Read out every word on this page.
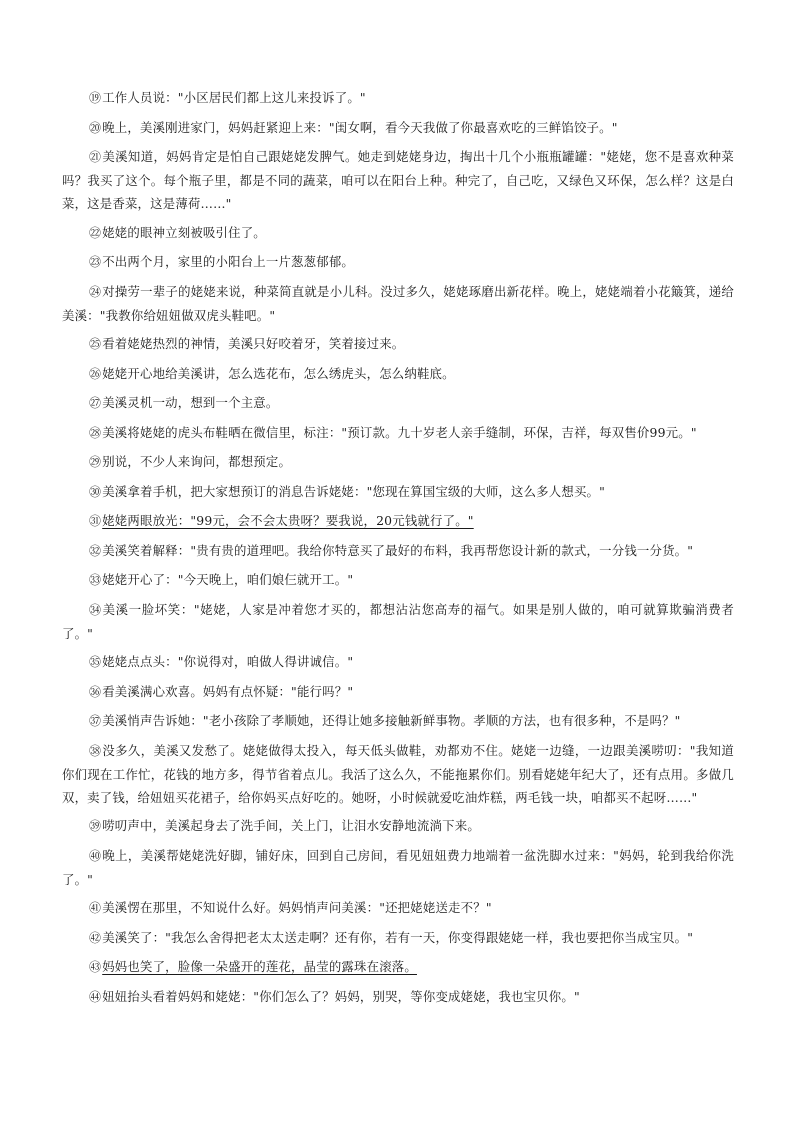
⑲工作人员说："小区居民们都上这儿来投诉了。"

⑳晚上，美溪刚进家门，妈妈赶紧迎上来："闺女啊，看今天我做了你最喜欢吃的三鲜馅饺子。"

㉑美溪知道，妈妈肯定是怕自己跟姥姥发脾气。她走到姥姥身边，掏出十几个小瓶瓶罐罐："姥姥，您不是喜欢种菜吗？我买了这个。每个瓶子里，都是不同的蔬菜，咱可以在阳台上种。种完了，自己吃，又绿色又环保，怎么样？这是白菜，这是香菜，这是薄荷……"

㉒姥姥的眼神立刻被吸引住了。

㉓不出两个月，家里的小阳台上一片葱葱郁郁。

㉔对操劳一辈子的姥姥来说，种菜简直就是小儿科。没过多久，姥姥琢磨出新花样。晚上，姥姥端着小花簸箕，递给美溪："我教你给妞妞做双虎头鞋吧。"

㉕看着姥姥热烈的神情，美溪只好咬着牙，笑着接过来。

㉖姥姥开心地给美溪讲，怎么选花布，怎么绣虎头，怎么纳鞋底。

㉗美溪灵机一动，想到一个主意。

㉘美溪将姥姥的虎头布鞋晒在微信里，标注："预订款。九十岁老人亲手缝制，环保，吉祥，每双售价99元。"

㉙别说，不少人来询问，都想预定。

㉚美溪拿着手机，把大家想预订的消息告诉姥姥："您现在算国宝级的大师，这么多人想买。"

㉛姥姥两眼放光："99元，会不会太贵呀？要我说，20元钱就行了。"

㉜美溪笑着解释："贵有贵的道理吧。我给你特意买了最好的布料，我再帮您设计新的款式，一分钱一分货。"

㉝姥姥开心了："今天晚上，咱们娘仨就开工。"

㉞美溪一脸坏笑："姥姥，人家是冲着您才买的，都想沾沾您高寿的福气。如果是别人做的，咱可就算欺骗消费者了。"

㉟姥姥点点头："你说得对，咱做人得讲诚信。"

㊱看美溪满心欢喜。妈妈有点怀疑："能行吗？"

㊲美溪悄声告诉她："老小孩除了孝顺她，还得让她多接触新鲜事物。孝顺的方法，也有很多种，不是吗？"

㊳没多久，美溪又发愁了。姥姥做得太投入，每天低头做鞋，劝都劝不住。姥姥一边缝，一边跟美溪唠叨："我知道你们现在工作忙，花钱的地方多，得节省着点儿。我活了这么久，不能拖累你们。别看姥姥年纪大了，还有点用。多做几双，卖了钱，给妞妞买花裙子，给你妈买点好吃的。她呀，小时候就爱吃油炸糕，两毛钱一块，咱都买不起呀……"

㊴唠叨声中，美溪起身去了洗手间，关上门，让泪水安静地流淌下来。

㊵晚上，美溪帮姥姥洗好脚，铺好床，回到自己房间，看见妞妞费力地端着一盆洗脚水过来："妈妈，轮到我给你洗了。"

㊶美溪愣在那里，不知说什么好。妈妈悄声问美溪："还把姥姥送走不？"

㊷美溪笑了："我怎么舍得把老太太送走啊？还有你，若有一天，你变得跟姥姥一样，我也要把你当成宝贝。"

㊸妈妈也笑了，脸像一朵盛开的莲花，晶莹的露珠在滚落。

㊹妞妞抬头看着妈妈和姥姥："你们怎么了？妈妈，别哭，等你变成姥姥，我也宝贝你。"
